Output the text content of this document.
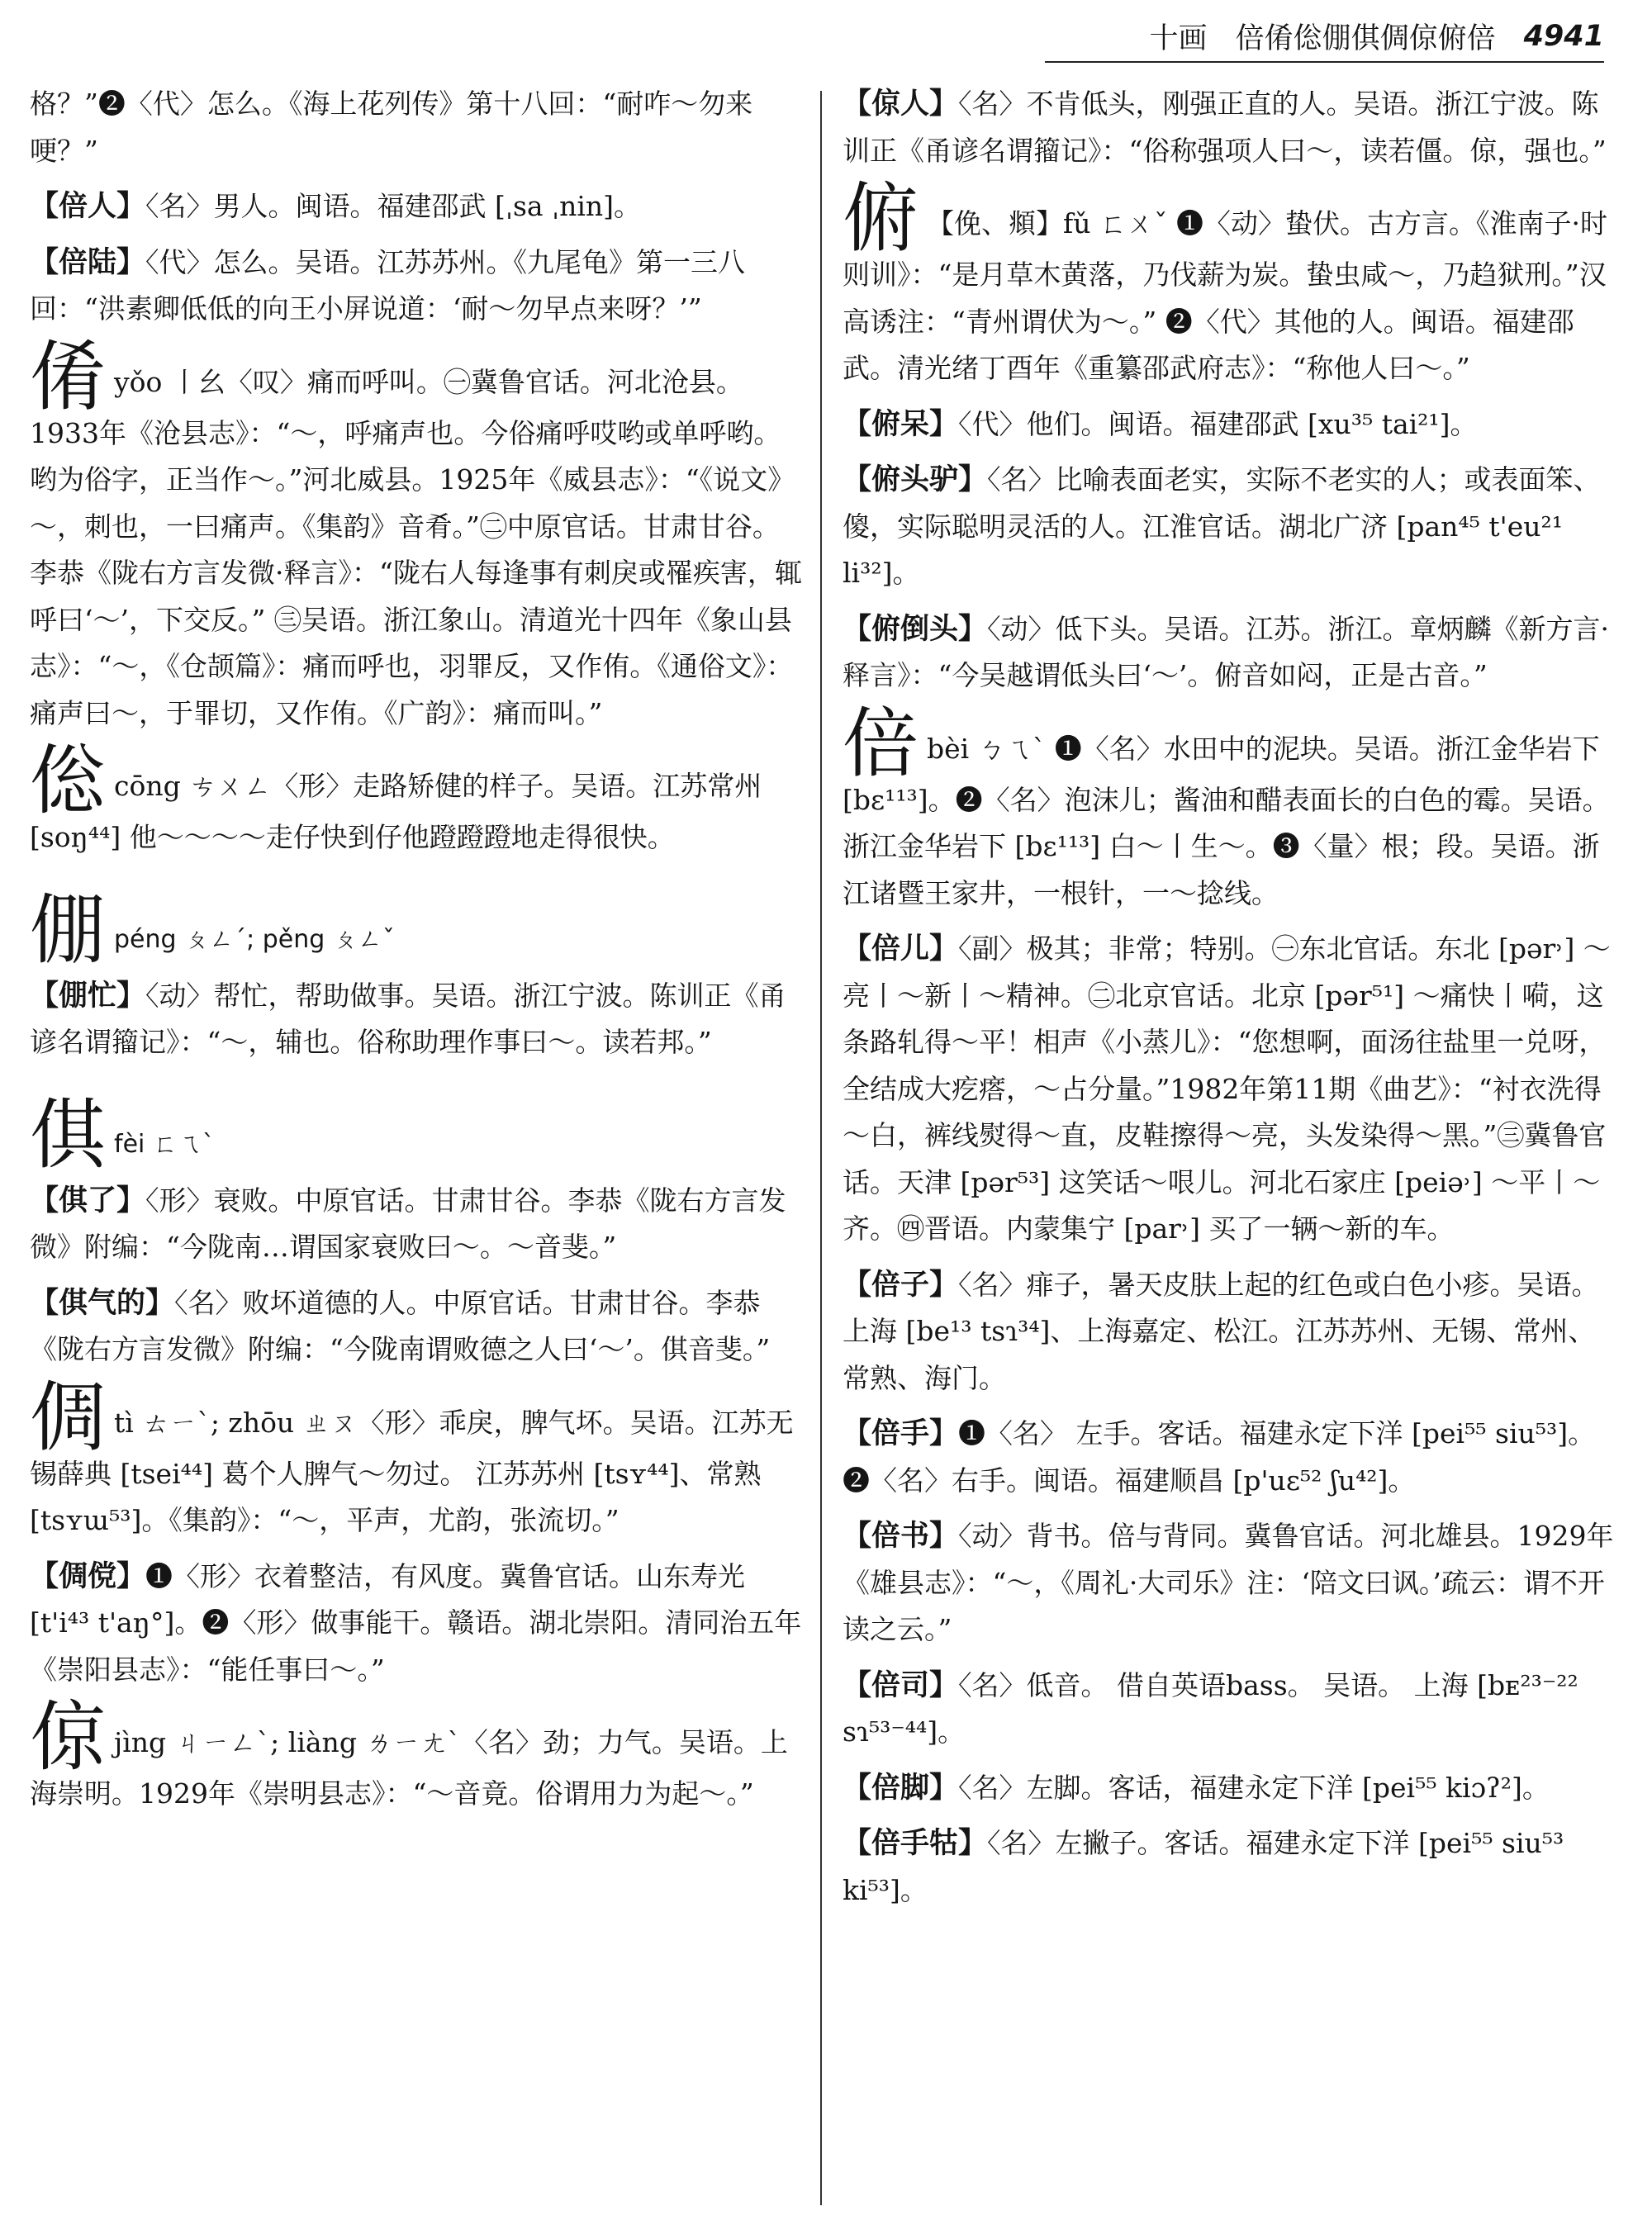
十画 倍倄倊倗倛倜倞俯倍 4941

格？”❷〈代〉怎么。《海上花列传》第十八回：“耐咋～勿来哽？”

【倍人】〈名〉男人。闽语。福建邵武 [ˌsa ˌnin]。

【倍陆】〈代〉怎么。吴语。江苏苏州。《九尾龟》第一三八回：“洪素卿低低的向王小屏说道：‘耐～勿早点来呀？’”

倄yǒo 丨幺〈叹〉痛而呼叫。㊀冀鲁官话。河北沧县。1933年《沧县志》：“～，呼痛声也。今俗痛呼哎哟或单呼哟。哟为俗字，正当作～。”河北威县。1925年《威县志》：“《说文》～，刺也，一曰痛声。《集韵》音肴。”㊁中原官话。甘肃甘谷。李恭《陇右方言发微·释言》：“陇右人每逢事有刺戾或罹疾害，辄呼曰‘～’，下交反。” ㊂吴语。浙江象山。清道光十四年《象山县志》：“～，《仓颉篇》：痛而呼也，羽罪反，又作侑。《通俗文》：痛声曰～，于罪切，又作侑。《广韵》：痛而叫。”

倊cōng ㄘㄨㄥ〈形〉走路矫健的样子。吴语。江苏常州 [soŋ⁴⁴] 他～～～～走仔快到仔他蹬蹬蹬地走得很快。

倗 péng ㄆㄥˊ; pěng ㄆㄥˇ

【倗忙】〈动〉帮忙，帮助做事。吴语。浙江宁波。陈训正《甬谚名谓籀记》：“～，辅也。俗称助理作事曰～。读若邦。”

倛 fèi ㄈㄟˋ

【倛了】〈形〉衰败。中原官话。甘肃甘谷。李恭《陇右方言发微》附编：“今陇南…谓国家衰败曰～。～音斐。”

【倛气的】〈名〉败坏道德的人。中原官话。甘肃甘谷。李恭《陇右方言发微》附编：“今陇南谓败德之人曰‘～’。倛音斐。”

倜tì ㄊㄧˋ; zhōu ㄓㄡ〈形〉乖戾，脾气坏。吴语。江苏无锡薛典 [tsei⁴⁴] 葛个人脾气～勿过。 江苏苏州 [tsʏ⁴⁴]、常熟 [tsʏɯ⁵³]。《集韵》：“～，平声，尤韵，张流切。”

【倜傥】❶〈形〉衣着整洁，有风度。冀鲁官话。山东寿光 [t'i⁴³ t'aŋ°]。❷〈形〉做事能干。赣语。湖北崇阳。清同治五年《崇阳县志》：“能任事曰～。”

倞jìng ㄐㄧㄥˋ; liàng ㄌㄧㄤˋ〈名〉劲；力气。吴语。上海崇明。1929年《崇明县志》：“～音竟。俗谓用力为起～。”

【倞人】〈名〉不肯低头，刚强正直的人。吴语。浙江宁波。陈训正《甬谚名谓籀记》：“俗称强项人曰～，读若僵。倞，强也。”

俯 【俛、頫】fǔ ㄈㄨˇ ❶〈动〉蛰伏。古方言。《淮南子·时则训》：“是月草木黄落，乃伐薪为炭。蛰虫咸～，乃趋狱刑。”汉高诱注：“青州谓伏为～。” ❷〈代〉其他的人。闽语。福建邵武。清光绪丁酉年《重纂邵武府志》：“称他人曰～。”

【俯呆】〈代〉他们。闽语。福建邵武 [xu³⁵ tai²¹]。

【俯头驴】〈名〉比喻表面老实，实际不老实的人；或表面笨、傻，实际聪明灵活的人。江淮官话。湖北广济 [pan⁴⁵ t'eu²¹ li³²]。

【俯倒头】〈动〉低下头。吴语。江苏。浙江。章炳麟《新方言·释言》：“今吴越谓低头曰‘～’。俯音如闷，正是古音。”

倍bèi ㄅㄟˋ ❶〈名〉水田中的泥块。吴语。浙江金华岩下 [bɛ¹¹³]。❷〈名〉泡沫儿；酱油和醋表面长的白色的霉。吴语。浙江金华岩下 [bɛ¹¹³] 白～丨生～。❸〈量〉根；段。吴语。浙江诸暨王家井，一根针，一～捻线。

【倍儿】〈副〉极其；非常；特别。㊀东北官话。东北 [pər˒] ～亮丨～新丨～精神。㊁北京官话。北京 [pər⁵¹] ～痛快丨嗬，这条路轧得～平！相声《小蒸儿》：“您想啊，面汤往盐里一兑呀，全结成大疙瘩，～占分量。”1982年第11期《曲艺》：“衬衣洗得～白，裤线熨得～直，皮鞋擦得～亮，头发染得～黑。”㊂冀鲁官话。天津 [pər⁵³] 这笑话～哏儿。河北石家庄 [peiə˒] ～平丨～齐。㊃晋语。内蒙集宁 [par˒] 买了一辆～新的车。

【倍子】〈名〉痱子，暑天皮肤上起的红色或白色小疹。吴语。上海 [be¹³ tsɿ³⁴]、上海嘉定、松江。江苏苏州、无锡、常州、常熟、海门。

【倍手】❶〈名〉 左手。客话。福建永定下洋 [pei⁵⁵ siu⁵³]。❷〈名〉右手。闽语。福建顺昌 [p'uɛ⁵² ʃu⁴²]。

【倍书】〈动〉背书。倍与背同。冀鲁官话。河北雄县。1929年《雄县志》：“～，《周礼·大司乐》注：‘陪文曰讽。’疏云：谓不开读之云。”

【倍司】〈名〉低音。 借自英语bass。 吴语。 上海 [bᴇ²³⁻²² sɿ⁵³⁻⁴⁴]。

【倍脚】〈名〉左脚。客话，福建永定下洋 [pei⁵⁵ kiɔʔ²]。

【倍手牯】〈名〉左撇子。客话。福建永定下洋 [pei⁵⁵ siu⁵³ ki⁵³]。
